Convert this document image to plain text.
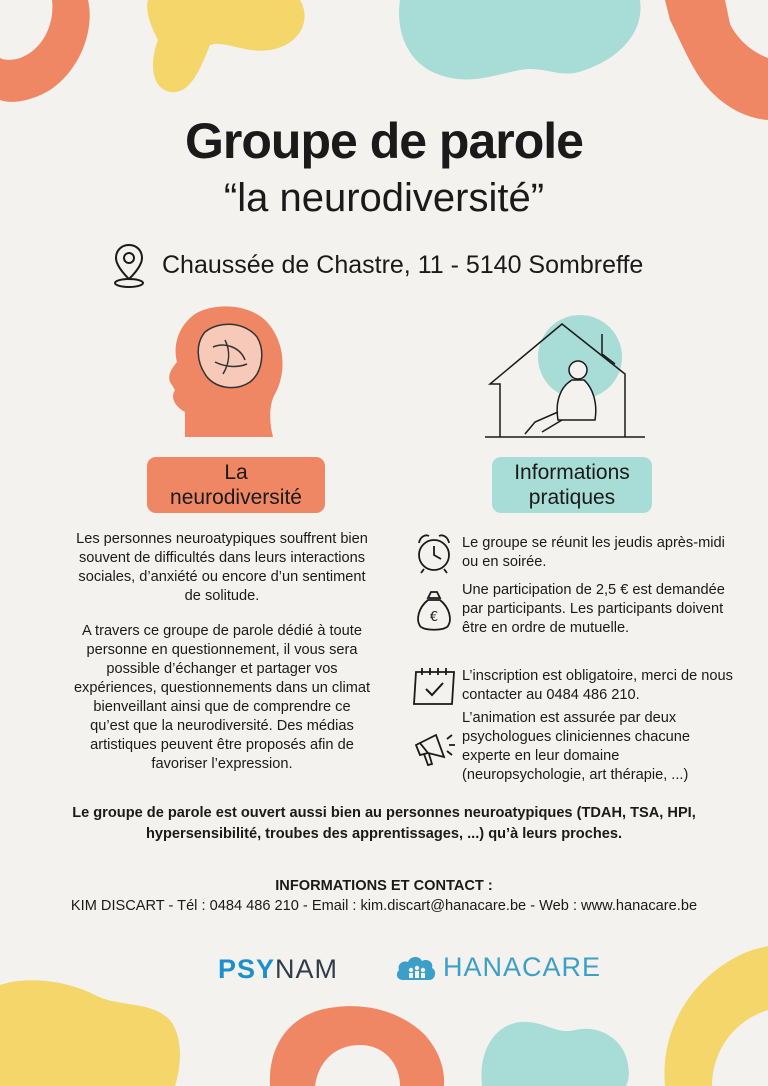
Groupe de parole
“la neurodiversité”
Chaussée de Chastre, 11 - 5140 Sombreffe
La
neurodiversité
Informations
pratiques

Les personnes neuroatypiques souffrent bien souvent de difficultés dans leurs interactions sociales, d’anxiété ou encore d’un sentiment de solitude.

A travers ce groupe de parole dédié à toute personne en questionnement, il vous sera possible d’échanger et partager vos expériences, questionnements dans un climat bienveillant ainsi que de comprendre ce qu’est que la neurodiversité. Des médias artistiques peuvent être proposés afin de favoriser l’expression.

Le groupe se réunit les jeudis après-midi ou en soirée.
€
Une participation de 2,5 € est demandée par participants. Les participants doivent être en ordre de mutuelle.
L’inscription est obligatoire, merci de nous contacter au 0484 486 210.
L’animation est assurée par deux psychologues cliniciennes chacune experte en leur domaine (neuropsychologie, art thérapie, ...)
Le groupe de parole est ouvert aussi bien au personnes neuroatypiques (TDAH, TSA, HPI, hypersensibilité, troubes des apprentissages, ...) qu’à leurs proches.
INFORMATIONS ET CONTACT :
KIM DISCART - Tél : 0484 486 210 - Email : kim.discart@hanacare.be - Web : www.hanacare.be
PSYNAM	HANACARE
